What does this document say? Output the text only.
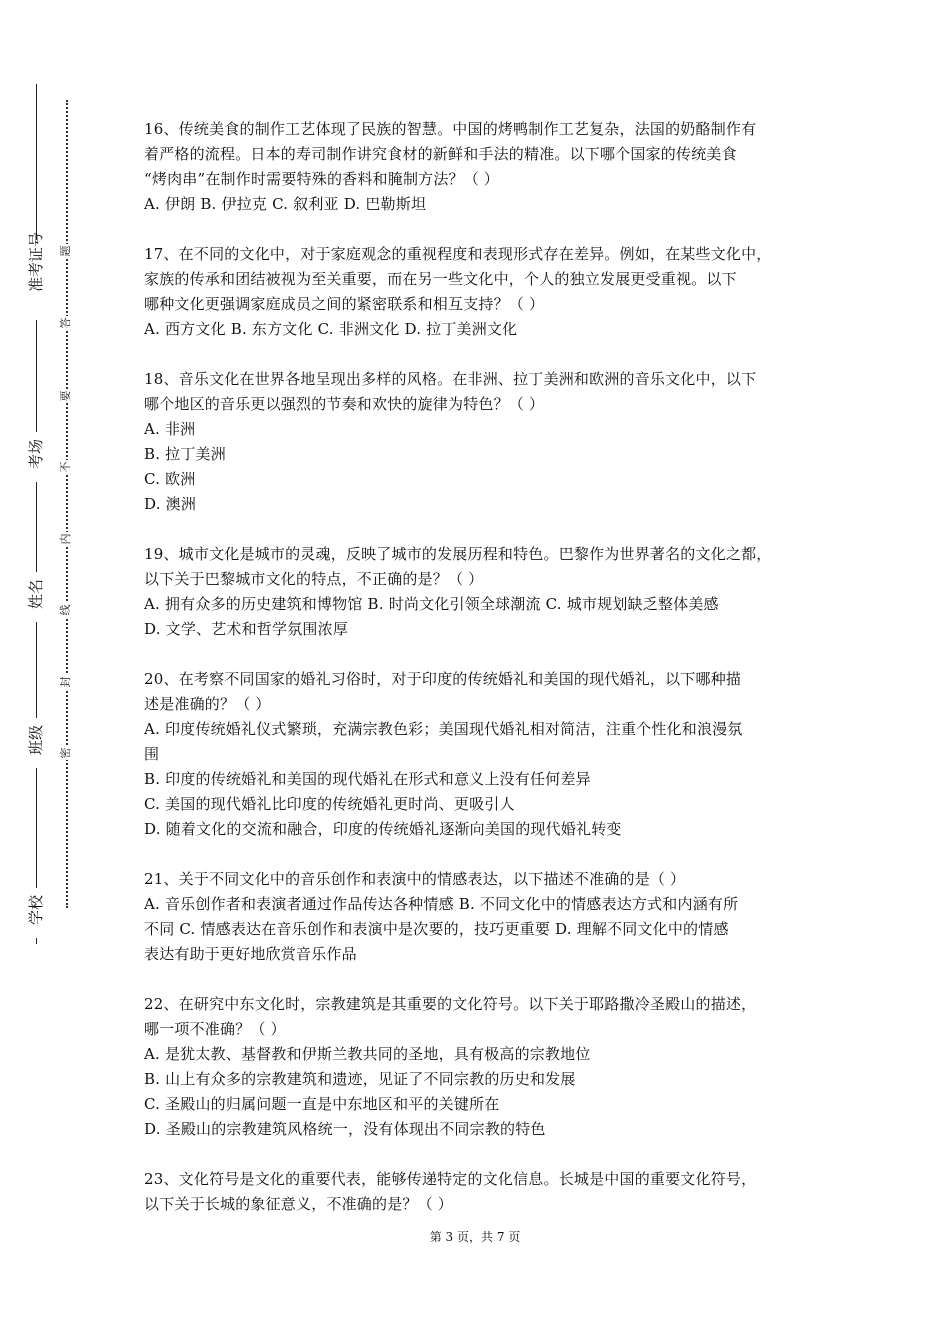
准考证号
考场
姓名
班级
学校
题
答
要
不
内
线
封
密

16、传统美食的制作工艺体现了民族的智慧。中国的烤鸭制作工艺复杂，法国的奶酪制作有

着严格的流程。日本的寿司制作讲究食材的新鲜和手法的精准。以下哪个国家的传统美食

“烤肉串”在制作时需要特殊的香料和腌制方法？（ ）

A. 伊朗 B. 伊拉克 C. 叙利亚 D. 巴勒斯坦

17、在不同的文化中，对于家庭观念的重视程度和表现形式存在差异。例如，在某些文化中，

家族的传承和团结被视为至关重要，而在另一些文化中，个人的独立发展更受重视。以下

哪种文化更强调家庭成员之间的紧密联系和相互支持？（ ）

A. 西方文化 B. 东方文化 C. 非洲文化 D. 拉丁美洲文化

18、音乐文化在世界各地呈现出多样的风格。在非洲、拉丁美洲和欧洲的音乐文化中，以下

哪个地区的音乐更以强烈的节奏和欢快的旋律为特色？（ ）

A. 非洲

B. 拉丁美洲

C. 欧洲

D. 澳洲

19、城市文化是城市的灵魂，反映了城市的发展历程和特色。巴黎作为世界著名的文化之都，

以下关于巴黎城市文化的特点，不正确的是？（ ）

A. 拥有众多的历史建筑和博物馆 B. 时尚文化引领全球潮流 C. 城市规划缺乏整体美感

D. 文学、艺术和哲学氛围浓厚

20、在考察不同国家的婚礼习俗时，对于印度的传统婚礼和美国的现代婚礼，以下哪种描

述是准确的？（ ）

A. 印度传统婚礼仪式繁琐，充满宗教色彩；美国现代婚礼相对简洁，注重个性化和浪漫氛

围

B. 印度的传统婚礼和美国的现代婚礼在形式和意义上没有任何差异

C. 美国的现代婚礼比印度的传统婚礼更时尚、更吸引人

D. 随着文化的交流和融合，印度的传统婚礼逐渐向美国的现代婚礼转变

21、关于不同文化中的音乐创作和表演中的情感表达，以下描述不准确的是（ ）

A. 音乐创作者和表演者通过作品传达各种情感 B. 不同文化中的情感表达方式和内涵有所

不同 C. 情感表达在音乐创作和表演中是次要的，技巧更重要 D. 理解不同文化中的情感

表达有助于更好地欣赏音乐作品

22、在研究中东文化时，宗教建筑是其重要的文化符号。以下关于耶路撒冷圣殿山的描述，

哪一项不准确？（ ）

A. 是犹太教、基督教和伊斯兰教共同的圣地，具有极高的宗教地位

B. 山上有众多的宗教建筑和遗迹，见证了不同宗教的历史和发展

C. 圣殿山的归属问题一直是中东地区和平的关键所在

D. 圣殿山的宗教建筑风格统一，没有体现出不同宗教的特色

23、文化符号是文化的重要代表，能够传递特定的文化信息。长城是中国的重要文化符号，

以下关于长城的象征意义，不准确的是？（ ）

第 3 页，共 7 页
